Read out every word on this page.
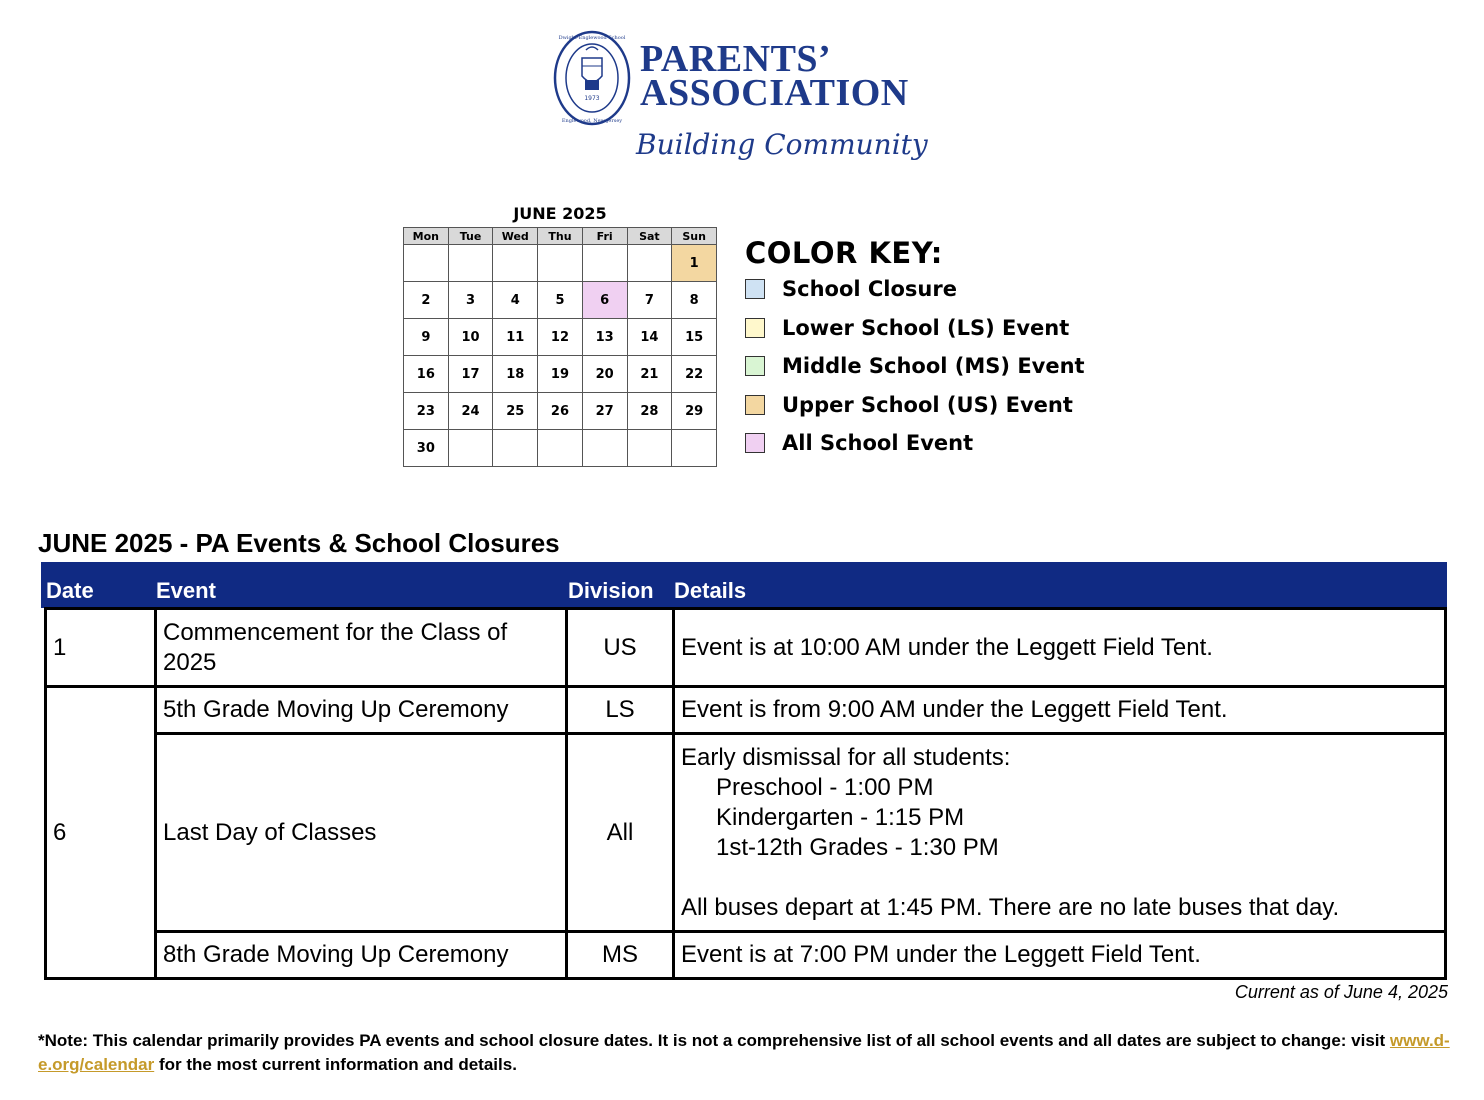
1973
Dwight-Englewood School
Englewood, New Jersey
PARENTS’
ASSOCIATION
Building Community
JUNE 2025
Mon	Tue	Wed	Thu	Fri	Sat	Sun
						1
2	3	4	5	6	7	8
9	10	11	12	13	14	15
16	17	18	19	20	21	22
23	24	25	26	27	28	29
30						
COLOR KEY:
School Closure
Lower School (LS) Event
Middle School (MS) Event
Upper School (US) Event
All School Event
JUNE 2025 - PA Events & School Closures
Date	Event	Division Details
1	Commencement for the Class of 2025	US	Event is at 10:00 AM under the Leggett Field Tent.
6	5th Grade Moving Up Ceremony	LS	Event is from 9:00 AM under the Leggett Field Tent.
	Last Day of Classes	All	Early dismissal for all students:
Preschool - 1:00 PM
Kindergarten - 1:15 PM
1st-12th Grades - 1:30 PM
All buses depart at 1:45 PM. There are no late buses that day.

	8th Grade Moving Up Ceremony	MS	Event is at 7:00 PM under the Leggett Field Tent.
Current as of June 4, 2025
*Note: This calendar primarily provides PA events and school closure dates. It is not a comprehensive list of all school events and all dates are subject to change: visit www.d-e.org/calendar for the most current information and details.
